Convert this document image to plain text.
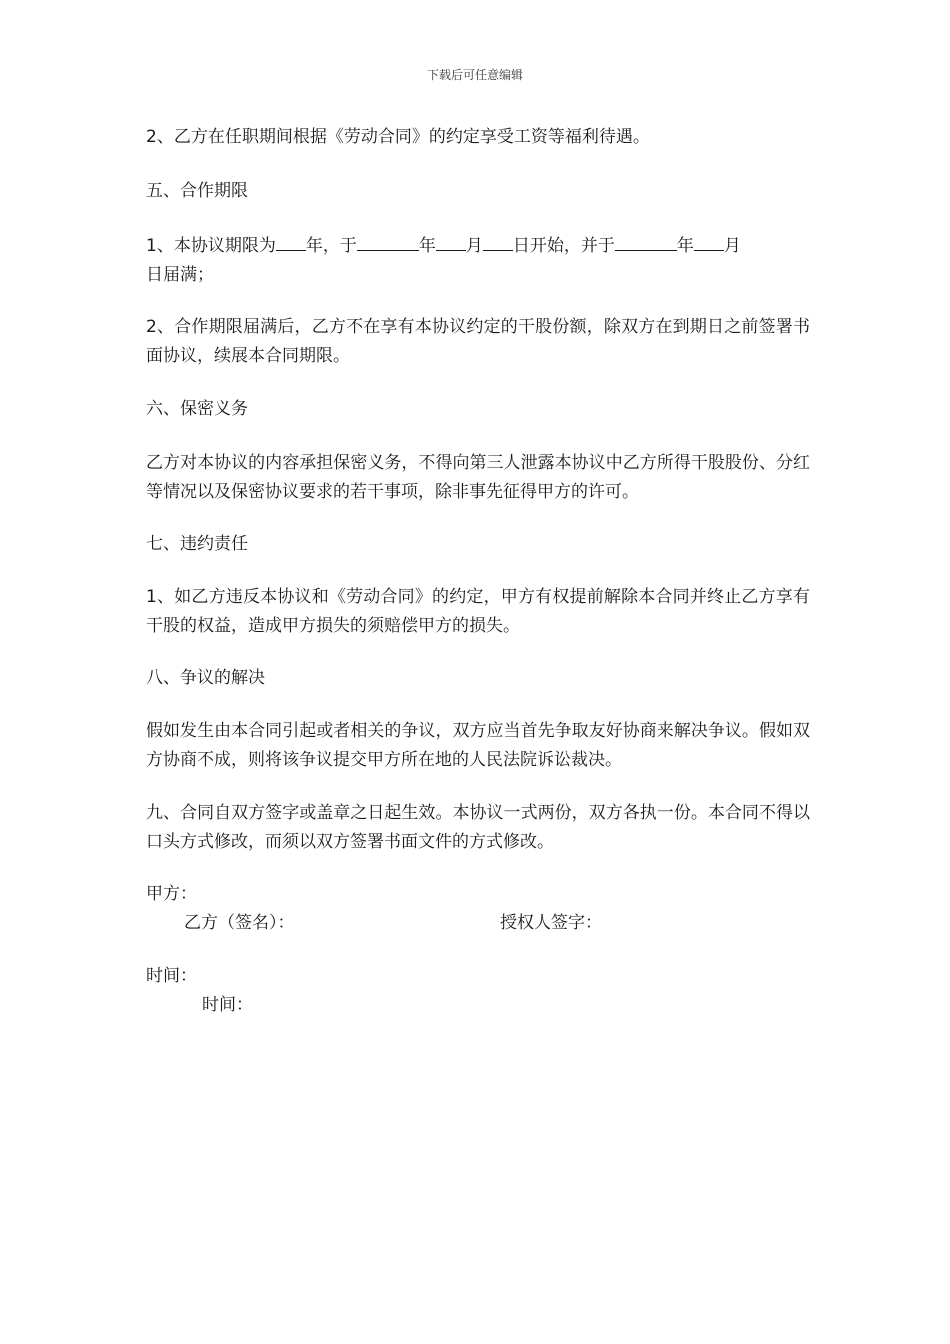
下载后可任意编辑
2、乙方在任职期间根据《劳动合同》的约定享受工资等福利待遇。
五、合作期限
1、本协议期限为 年，于	年 月 日开始，并于	年 月
日届满；
2、合作期限届满后，乙方不在享有本协议约定的干股份额，除双方在到期日之前签署书面协议，续展本合同期限。
六、保密义务
乙方对本协议的内容承担保密义务，不得向第三人泄露本协议中乙方所得干股股份、分红等情况以及保密协议要求的若干事项，除非事先征得甲方的许可。
七、违约责任
1、如乙方违反本协议和《劳动合同》的约定，甲方有权提前解除本合同并终止乙方享有干股的权益，造成甲方损失的须赔偿甲方的损失。
八、争议的解决
假如发生由本合同引起或者相关的争议，双方应当首先争取友好协商来解决争议。假如双方协商不成，则将该争议提交甲方所在地的人民法院诉讼裁决。
九、合同自双方签字或盖章之日起生效。本协议一式两份，双方各执一份。本合同不得以口头方式修改，而须以双方签署书面文件的方式修改。
甲方：
乙方（签名）：	授权人签字：
时间：
时间：
